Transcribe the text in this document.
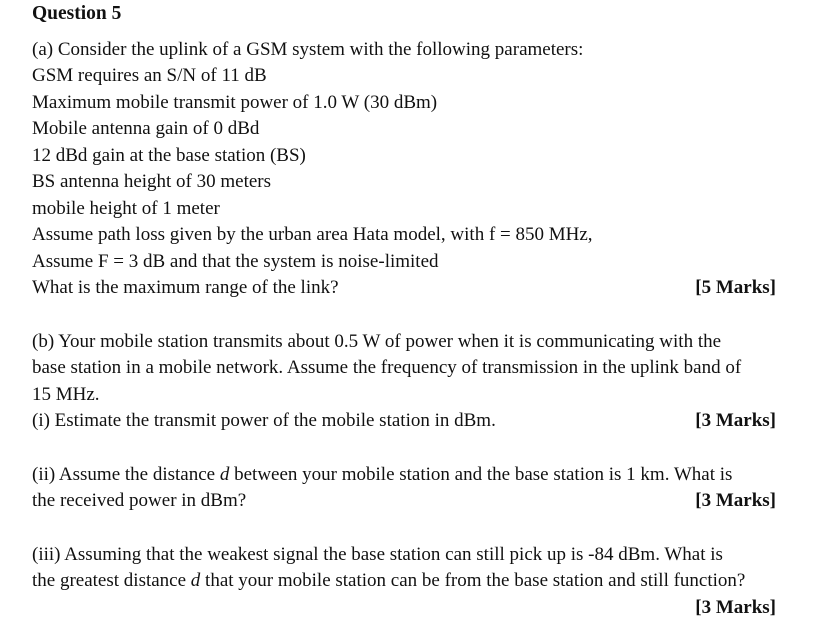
Question 5
(a) Consider the uplink of a GSM system with the following parameters:
GSM requires an S/N of 11 dB
Maximum mobile transmit power of 1.0 W (30 dBm)
Mobile antenna gain of 0 dBd
12 dBd gain at the base station (BS)
BS antenna height of 30 meters
mobile height of 1 meter
Assume path loss given by the urban area Hata model, with f = 850 MHz,
Assume F = 3 dB and that the system is noise-limited
What is the maximum range of the link?	[5 Marks]
(b) Your mobile station transmits about 0.5 W of power when it is communicating with the
base station in a mobile network. Assume the frequency of transmission in the uplink band of
15 MHz.
(i) Estimate the transmit power of the mobile station in dBm.	[3 Marks]
(ii) Assume the distance d between your mobile station and the base station is 1 km. What is
the received power in dBm?	[3 Marks]
(iii) Assuming that the weakest signal the base station can still pick up is -84 dBm. What is
the greatest distance d that your mobile station can be from the base station and still function?
[3 Marks]
